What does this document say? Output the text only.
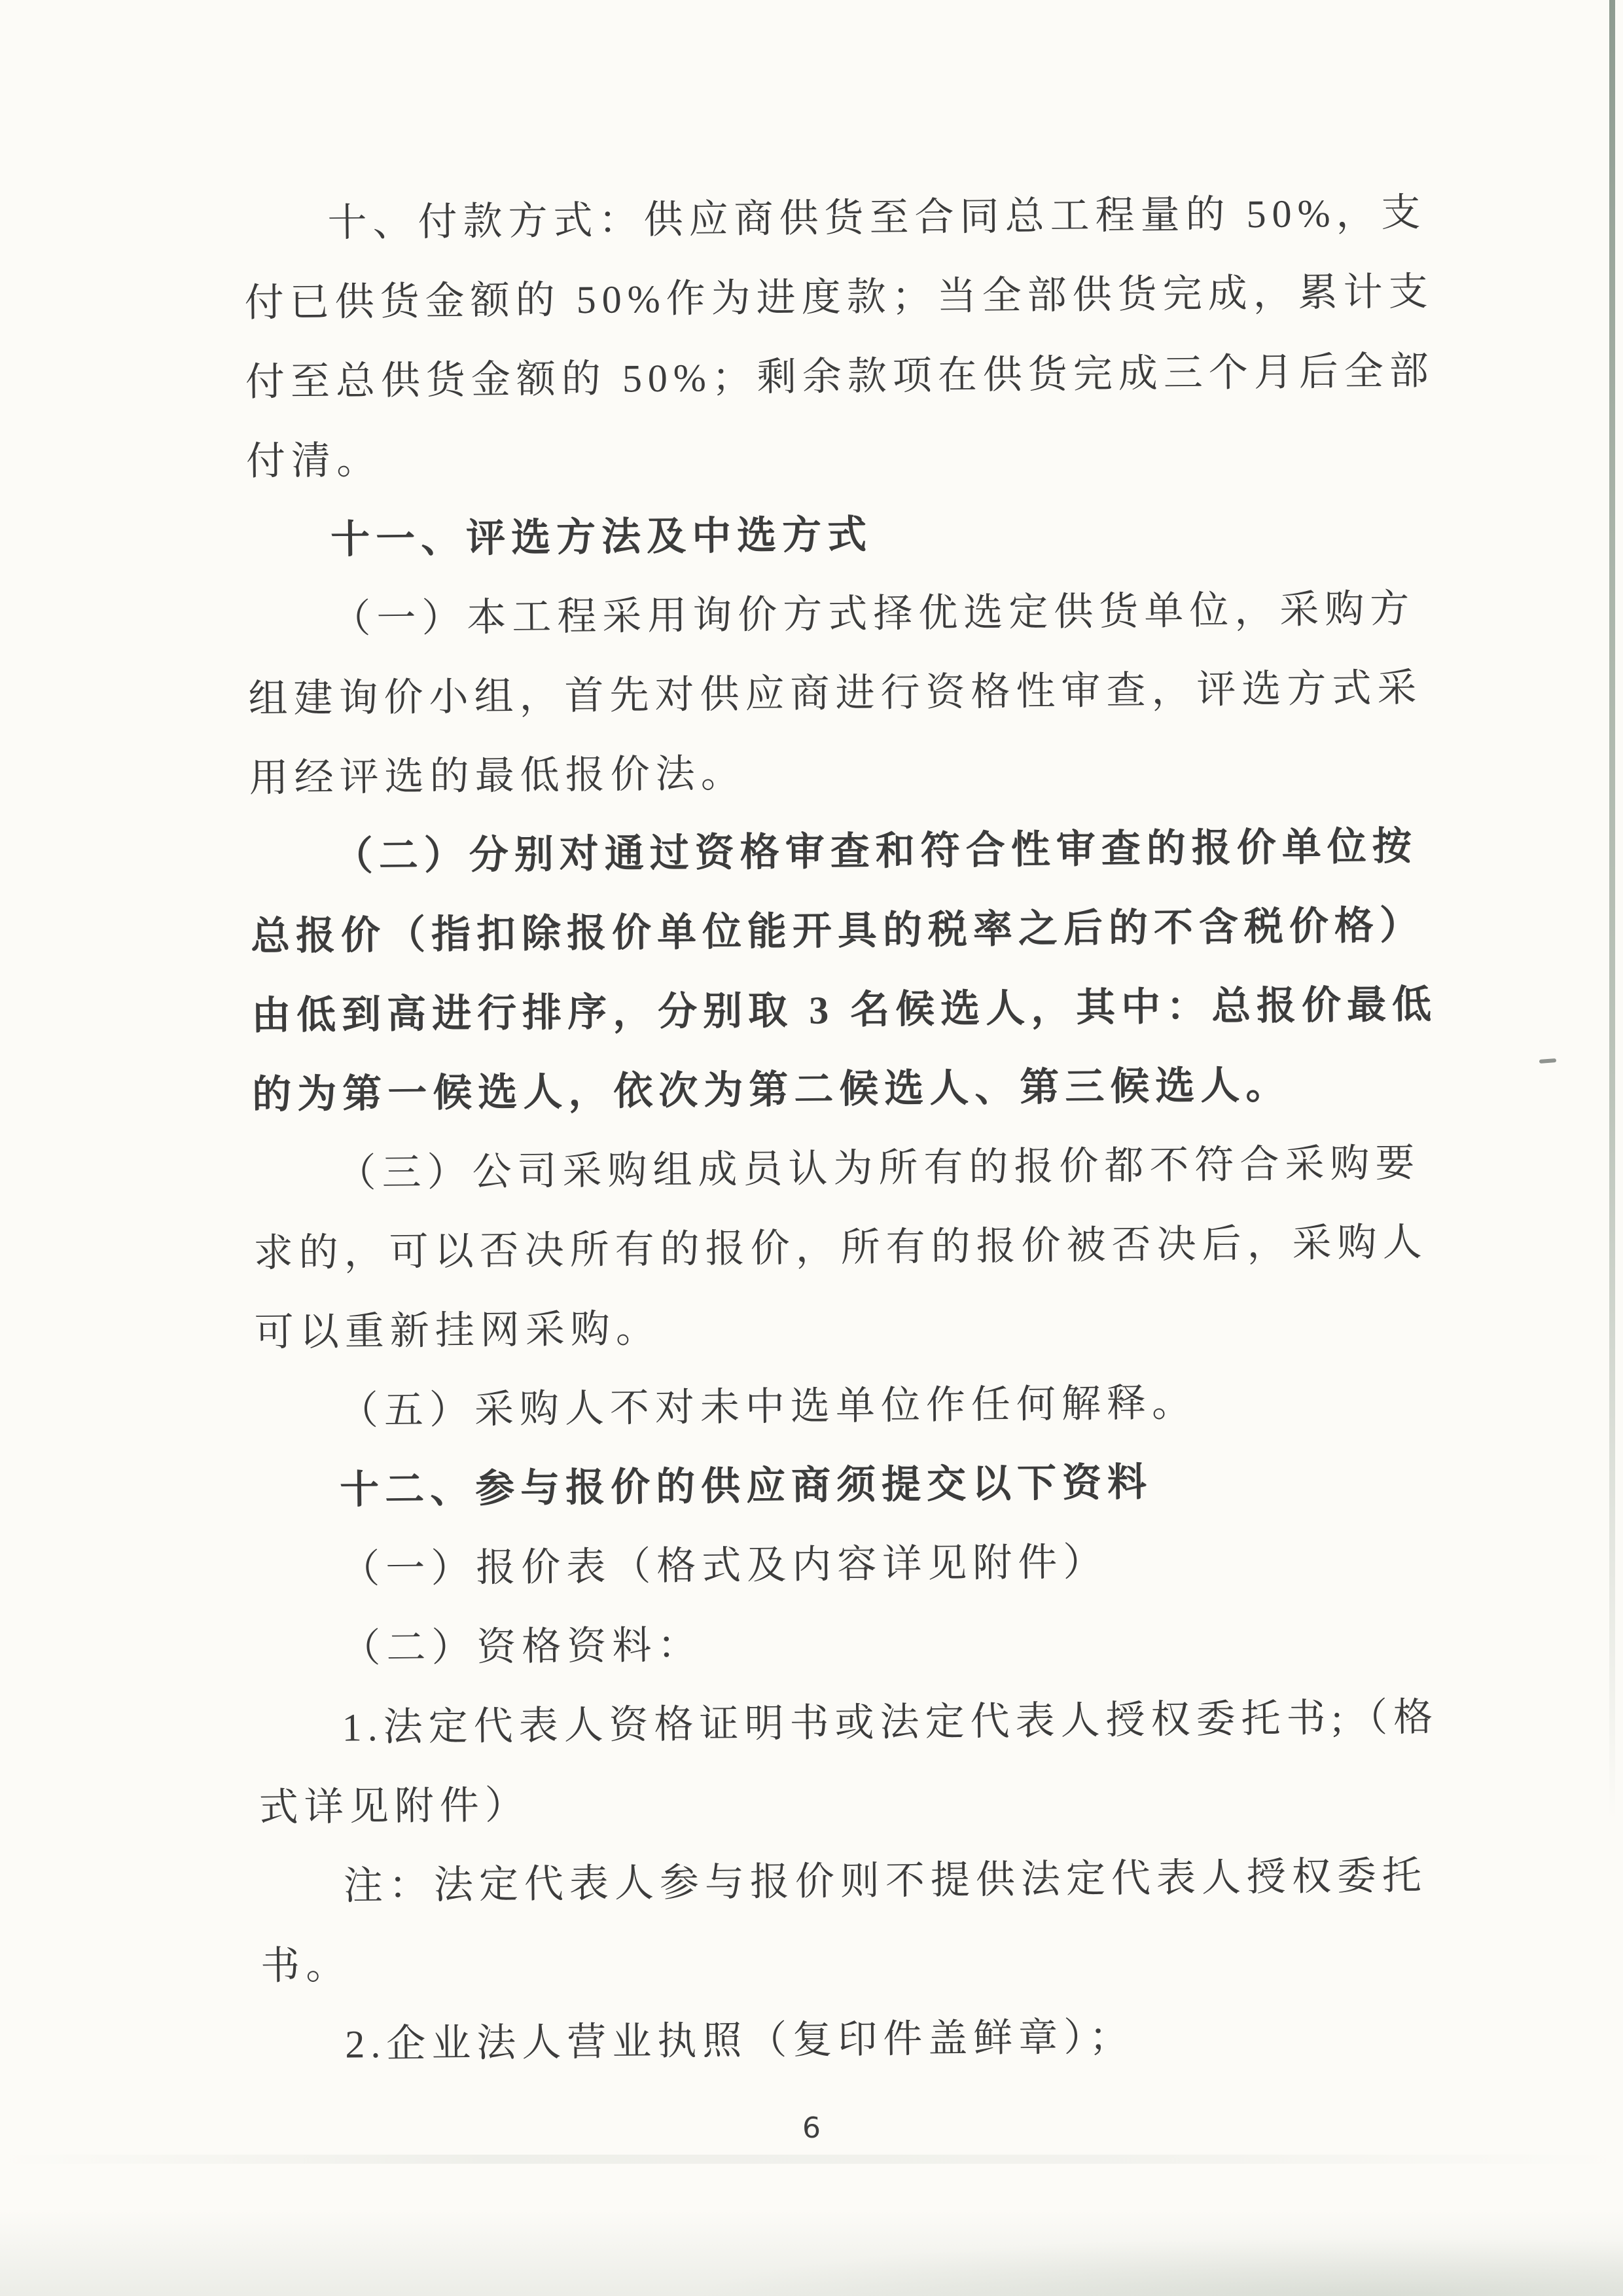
十、付款方式：供应商供货至合同总工程量的 50%，支
付已供货金额的 50%作为进度款；当全部供货完成，累计支
付至总供货金额的 50%；剩余款项在供货完成三个月后全部
付清。
十一、评选方法及中选方式
（一）本工程采用询价方式择优选定供货单位，采购方
组建询价小组，首先对供应商进行资格性审查，评选方式采
用经评选的最低报价法。
（二）分别对通过资格审查和符合性审查的报价单位按
总报价（指扣除报价单位能开具的税率之后的不含税价格）
由低到高进行排序，分别取 3 名候选人，其中：总报价最低
的为第一候选人，依次为第二候选人、第三候选人。
（三）公司采购组成员认为所有的报价都不符合采购要
求的，可以否决所有的报价，所有的报价被否决后，采购人
可以重新挂网采购。
（五）采购人不对未中选单位作任何解释。
十二、参与报价的供应商须提交以下资料
（一）报价表（格式及内容详见附件）
（二）资格资料：
1.法定代表人资格证明书或法定代表人授权委托书;（格
式详见附件）
注：法定代表人参与报价则不提供法定代表人授权委托
书。
2.企业法人营业执照（复印件盖鲜章）；
6
